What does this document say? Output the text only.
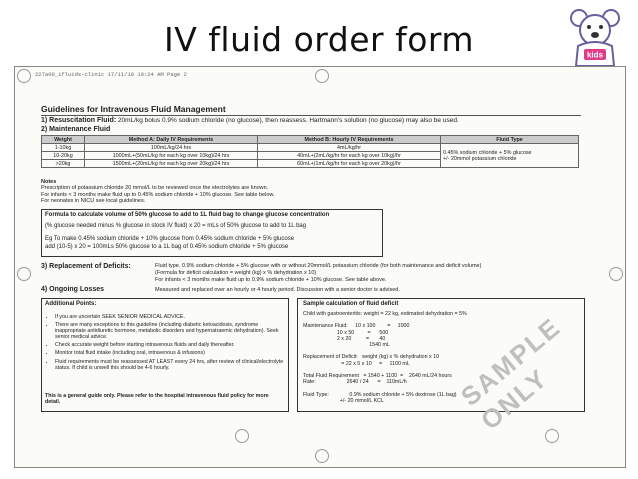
IV fluid order form	kids
227a00_ifluids-clinic 17/11/10 10:24 AM Page 2
Guidelines for Intravenous Fluid Management
1) Resuscitation Fluid: 20mL/kg bolus 0.9% sodium chloride (no glucose), then reassess. Hartmann's solution (no glucose) may also be used.
2) Maintenance Fluid
Weight	Method A: Daily IV Requirements	Method B: Hourly IV Requirements	Fluid Type
1-10kg	100mL/kg/24 hrs	4mL/kg/hr	0.45% sodium chloride + 5% glucose
+/- 20mmol potassium chloride

10-20kg	1000mL+(50mL/kg for each kg over 10kg)/24 hrs	40mL+(2mL/kg/hr for each kg over 10kg)/hr	
>20kg	1500mL+(20mL/kg for each kg over 20kg)/24 hrs	60mL+(1mL/kg/hr for each kg over 20kg)/hr	
Notes
Prescription of potassium chloride 20 mmol/L to be reviewed once the electrolytes are known.
For infants < 3 months make fluid up to 0.45% sodium chloride + 10% glucose. See table below.
For neonates in NICU see local guidelines.
Formula to calculate volume of 50% glucose to add to 1L fluid bag to change glucose concentration
(% glucose needed minus % glucose in stock IV fluid) x 20 = mLs of 50% glucose to add to 1L bag
Eg To make 0.45% sodium chloride + 10% glucose from 0.45% sodium chloride + 5% glucose
add (10-5) x 20 = 100mLs 50% glucose to a 1L bag of 0.45% sodium chloride + 5% glucose
3) Replacement of Deficits:	Fluid type. 0.9% sodium chloride + 5% glucose with or without 20mmol/L potassium chloride (for both maintenance and deficit volume)
(Formula for deficit calculation = weight (kg) x % dehydration x 10)
For infants < 3 months make fluid up to 0.9% sodium chloride + 10% glucose. See table above.
4) Ongoing Losses	Measured and replaced over an hourly or 4 hourly period. Discussion with a senior doctor is advised.
Additional Points:
• If you are uncertain SEEK SENIOR MEDICAL ADVICE.
• There are many exceptions to this guideline (including diabetic ketoacidosis, syndrome inappropriate antidiuretic hormone, metabolic disorders and hypernatraemic dehydration). Seek senior medical advice.
• Check accurate weight before starting intravenous fluids and daily thereafter.
• Monitor total fluid intake (including oral, intravenous & infusions)
• Fluid requirements must be reassessed AT LEAST every 24 hrs, after review of clinical/electrolyte status. If child is unwell this should be 4-6 hourly.
This is a general guide only. Please refer to the hospital intravenous fluid policy for more detail.
Sample calculation of fluid deficit
Child with gastroenteritis: weight = 22 kg, estimated dehydration = 5%

Maintenance Fluid:     10 x 100        =     1000
10 x 50         =      500
2 x 20          =       40
1540 mL

Replacement of Deficit:   weight (kg) x % dehydration x 10
= 22 x 5 x 10     =     1100 mL

Total Fluid Requirement   = 1540 + 1100  =    2640 mL/24 hours
Rate:                     2640 / 24      =    110mL/h

Fluid Type:              0.9% sodium chloride + 5% dextrose (1L bag)
+/- 20 mmol/L KCL	SAMPLE ONLY
